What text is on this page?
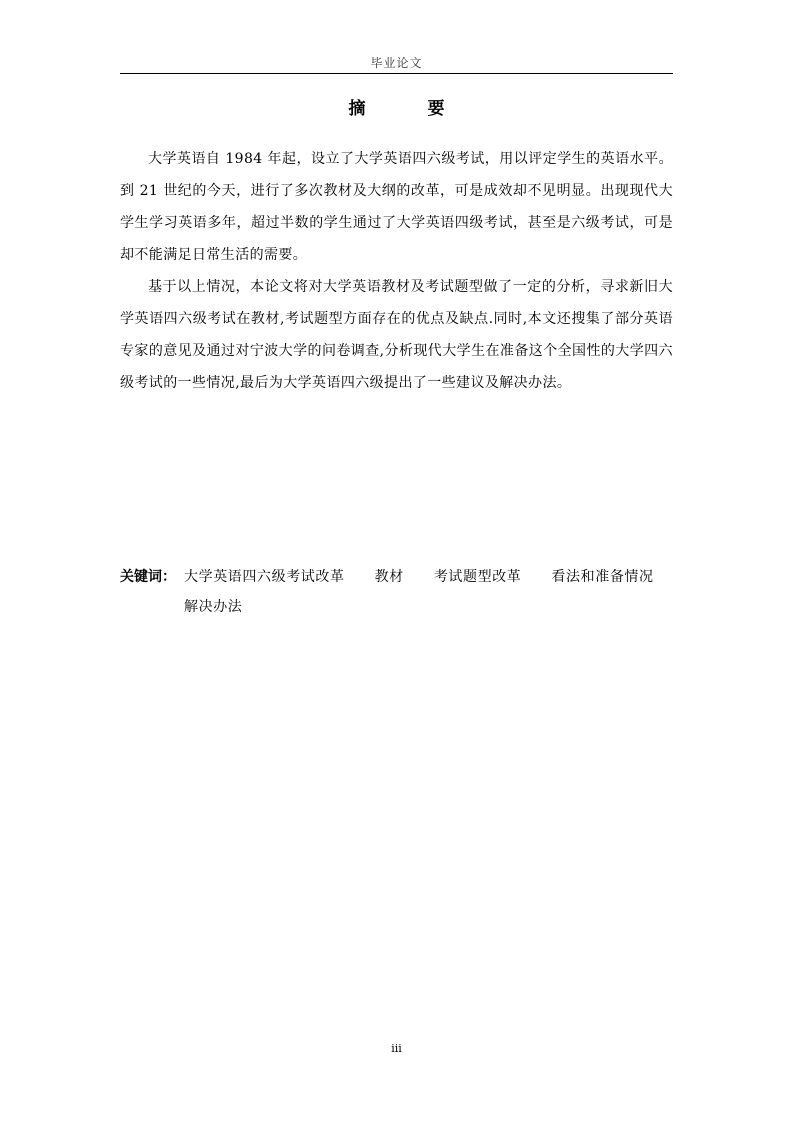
毕业论文
摘 要

大学英语自 1984 年起，设立了大学英语四六级考试，用以评定学生的英语水平。到 21 世纪的今天，进行了多次教材及大纲的改革，可是成效却不见明显。出现现代大学生学习英语多年，超过半数的学生通过了大学英语四级考试，甚至是六级考试，可是却不能满足日常生活的需要。

基于以上情况，本论文将对大学英语教材及考试题型做了一定的分析，寻求新旧大学英语四六级考试在教材,考试题型方面存在的优点及缺点.同时,本文还搜集了部分英语专家的意见及通过对宁波大学的问卷调查,分析现代大学生在准备这个全国性的大学四六级考试的一些情况,最后为大学英语四六级提出了一些建议及解决办法。

关键词： 大学英语四六级考试改革 教材 考试题型改革 看法和准备情况
解决办法
iii
